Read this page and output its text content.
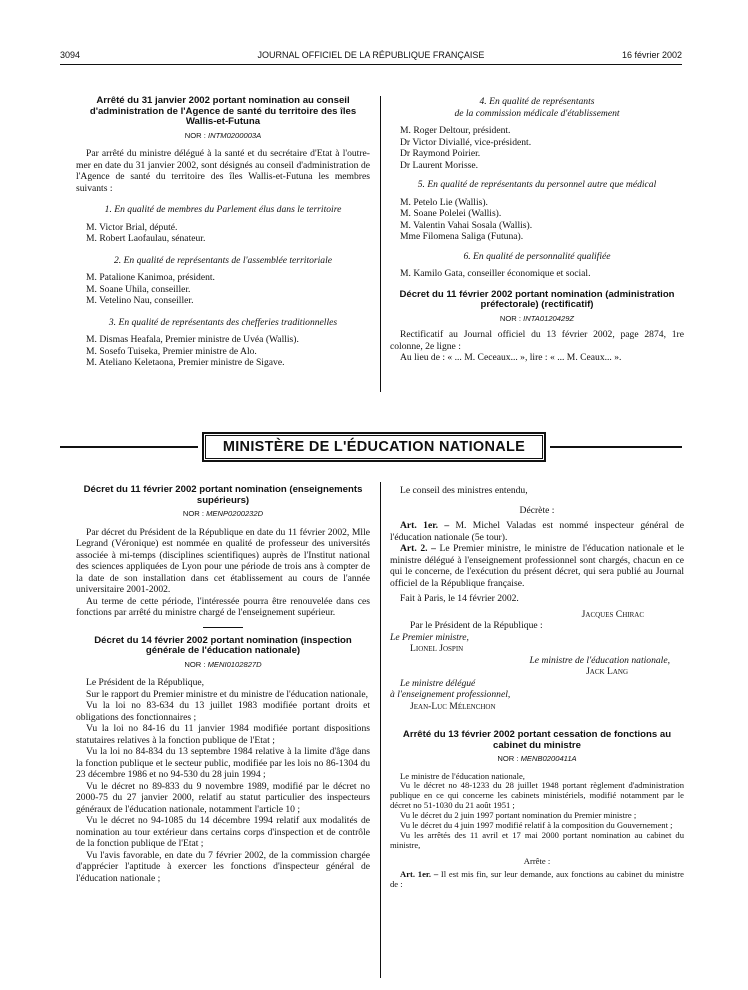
3094	JOURNAL OFFICIEL DE LA RÉPUBLIQUE FRANÇAISE	16 février 2002
Arrêté du 31 janvier 2002 portant nomination au conseil d'administration de l'Agence de santé du territoire des îles Wallis-et-Futuna
NOR : INTM0200003A

Par arrêté du ministre délégué à la santé et du secrétaire d'Etat à l'outre-mer en date du 31 janvier 2002, sont désignés au conseil d'administration de l'Agence de santé du territoire des îles Wallis-et-Futuna les membres suivants :

1. En qualité de membres du Parlement élus dans le territoire
M. Victor Brial, député.
M. Robert Laofaulau, sénateur.
2. En qualité de représentants de l'assemblée territoriale
M. Patalione Kanimoa, président.
M. Soane Uhila, conseiller.
M. Vetelino Nau, conseiller.
3. En qualité de représentants des chefferies traditionnelles
M. Dismas Heafala, Premier ministre de Uvéa (Wallis).
M. Sosefo Tuiseka, Premier ministre de Alo.
M. Ateliano Keletaona, Premier ministre de Sigave.
4. En qualité de représentants
de la commission médicale d'établissement
M. Roger Deltour, président.
Dr Victor Diviallé, vice-président.
Dr Raymond Poirier.
Dr Laurent Morisse.
5. En qualité de représentants du personnel autre que médical
M. Petelo Lie (Wallis).
M. Soane Polelei (Wallis).
M. Valentin Vahai Sosala (Wallis).
Mme Filomena Saliga (Futuna).
6. En qualité de personnalité qualifiée
M. Kamilo Gata, conseiller économique et social.
Décret du 11 février 2002 portant nomination (administration préfectorale) (rectificatif)
NOR : INTA0120429Z

Rectificatif au Journal officiel du 13 février 2002, page 2874, 1re colonne, 2e ligne :

Au lieu de : « ... M. Ceceaux... », lire : « ... M. Ceaux... ».

MINISTÈRE DE L'ÉDUCATION NATIONALE
Décret du 11 février 2002 portant nomination (enseignements supérieurs)
NOR : MENP0200232D

Par décret du Président de la République en date du 11 février 2002, Mlle Legrand (Véronique) est nommée en qualité de professeur des universités associée à mi-temps (disciplines scientifiques) auprès de l'Institut national des sciences appliquées de Lyon pour une période de trois ans à compter de la date de son installation dans cet établissement au cours de l'année universitaire 2001-2002.

Au terme de cette période, l'intéressée pourra être renouvelée dans ces fonctions par arrêté du ministre chargé de l'enseignement supérieur.

Décret du 14 février 2002 portant nomination (inspection générale de l'éducation nationale)
NOR : MENI0102827D

Le Président de la République,

Sur le rapport du Premier ministre et du ministre de l'éducation nationale,

Vu la loi no 83-634 du 13 juillet 1983 modifiée portant droits et obligations des fonctionnaires ;

Vu la loi no 84-16 du 11 janvier 1984 modifiée portant dispositions statutaires relatives à la fonction publique de l'Etat ;

Vu la loi no 84-834 du 13 septembre 1984 relative à la limite d'âge dans la fonction publique et le secteur public, modifiée par les lois no 86-1304 du 23 décembre 1986 et no 94-530 du 28 juin 1994 ;

Vu le décret no 89-833 du 9 novembre 1989, modifié par le décret no 2000-75 du 27 janvier 2000, relatif au statut particulier des inspecteurs généraux de l'éducation nationale, notamment l'article 10 ;

Vu le décret no 94-1085 du 14 décembre 1994 relatif aux modalités de nomination au tour extérieur dans certains corps d'inspection et de contrôle de la fonction publique de l'Etat ;

Vu l'avis favorable, en date du 7 février 2002, de la commission chargée d'apprécier l'aptitude à exercer les fonctions d'inspecteur général de l'éducation nationale ;

Le conseil des ministres entendu,

Décrète :

Art. 1er. – M. Michel Valadas est nommé inspecteur général de l'éducation nationale (5e tour).

Art. 2. – Le Premier ministre, le ministre de l'éducation nationale et le ministre délégué à l'enseignement professionnel sont chargés, chacun en ce qui le concerne, de l'exécution du présent décret, qui sera publié au Journal officiel de la République française.

Fait à Paris, le 14 février 2002.

Jacques Chirac
Par le Président de la République :
Le Premier ministre,
Lionel Jospin
Le ministre de l'éducation nationale,
Jack Lang
Le ministre délégué
à l'enseignement professionnel,
Jean-Luc Mélenchon
Arrêté du 13 février 2002 portant cessation de fonctions au cabinet du ministre
NOR : MENB0200411A

Le ministre de l'éducation nationale,

Vu le décret no 48-1233 du 28 juillet 1948 portant règlement d'administration publique en ce qui concerne les cabinets ministériels, modifié notamment par le décret no 51-1030 du 21 août 1951 ;

Vu le décret du 2 juin 1997 portant nomination du Premier ministre ;

Vu le décret du 4 juin 1997 modifié relatif à la composition du Gouvernement ;

Vu les arrêtés des 11 avril et 17 mai 2000 portant nomination au cabinet du ministre,

Arrête :

Art. 1er. – Il est mis fin, sur leur demande, aux fonctions au cabinet du ministre de :
